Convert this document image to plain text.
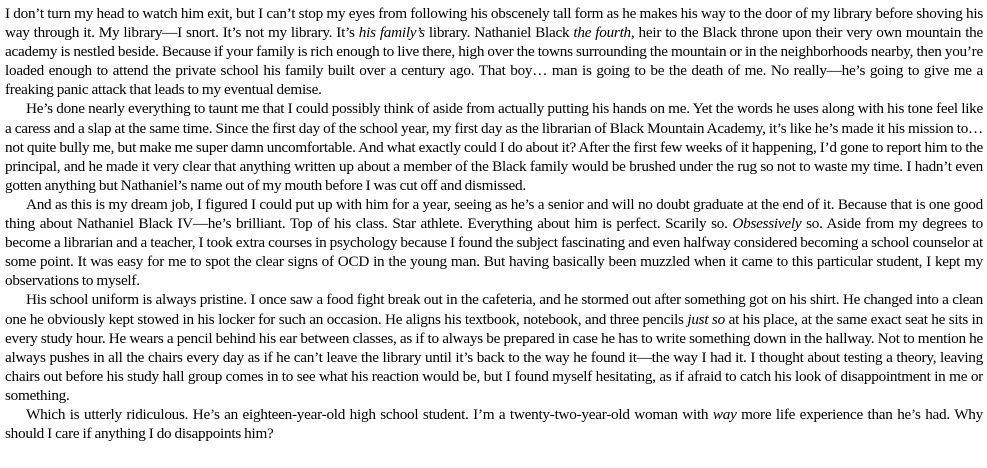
I don’t turn my head to watch him exit, but I can’t stop my eyes from following his obscenely tall form as he makes his way to the door of my library before shoving his way through it. My library—I snort. It’s not my library. It’s his family’s library. Nathaniel Black the fourth, heir to the Black throne upon their very own mountain the academy is nestled beside. Because if your family is rich enough to live there, high over the towns surrounding the mountain or in the neighborhoods nearby, then you’re loaded enough to attend the private school his family built over a century ago. That boy… man is going to be the death of me. No really—he’s going to give me a freaking panic attack that leads to my eventual demise.

He’s done nearly everything to taunt me that I could possibly think of aside from actually putting his hands on me. Yet the words he uses along with his tone feel like a caress and a slap at the same time. Since the first day of the school year, my first day as the librarian of Black Mountain Academy, it’s like he’s made it his mission to… not quite bully me, but make me super damn uncomfortable. And what exactly could I do about it? After the first few weeks of it happening, I’d gone to report him to the principal, and he made it very clear that anything written up about a member of the Black family would be brushed under the rug so not to waste my time. I hadn’t even gotten anything but Nathaniel’s name out of my mouth before I was cut off and dismissed.

And as this is my dream job, I figured I could put up with him for a year, seeing as he’s a senior and will no doubt graduate at the end of it. Because that is one good thing about Nathaniel Black IV—he’s brilliant. Top of his class. Star athlete. Everything about him is perfect. Scarily so. Obsessively so. Aside from my degrees to become a librarian and a teacher, I took extra courses in psychology because I found the subject fascinating and even halfway considered becoming a school counselor at some point. It was easy for me to spot the clear signs of OCD in the young man. But having basically been muzzled when it came to this particular student, I kept my observations to myself.

His school uniform is always pristine. I once saw a food fight break out in the cafeteria, and he stormed out after something got on his shirt. He changed into a clean one he obviously kept stowed in his locker for such an occasion. He aligns his textbook, notebook, and three pencils just so at his place, at the same exact seat he sits in every study hour. He wears a pencil behind his ear between classes, as if to always be prepared in case he has to write something down in the hallway. Not to mention he always pushes in all the chairs every day as if he can’t leave the library until it’s back to the way he found it—the way I had it. I thought about testing a theory, leaving chairs out before his study hall group comes in to see what his reaction would be, but I found myself hesitating, as if afraid to catch his look of disappointment in me or something.

Which is utterly ridiculous. He’s an eighteen-year-old high school student. I’m a twenty-two-year-old woman with way more life experience than he’s had. Why should I care if anything I do disappoints him?
